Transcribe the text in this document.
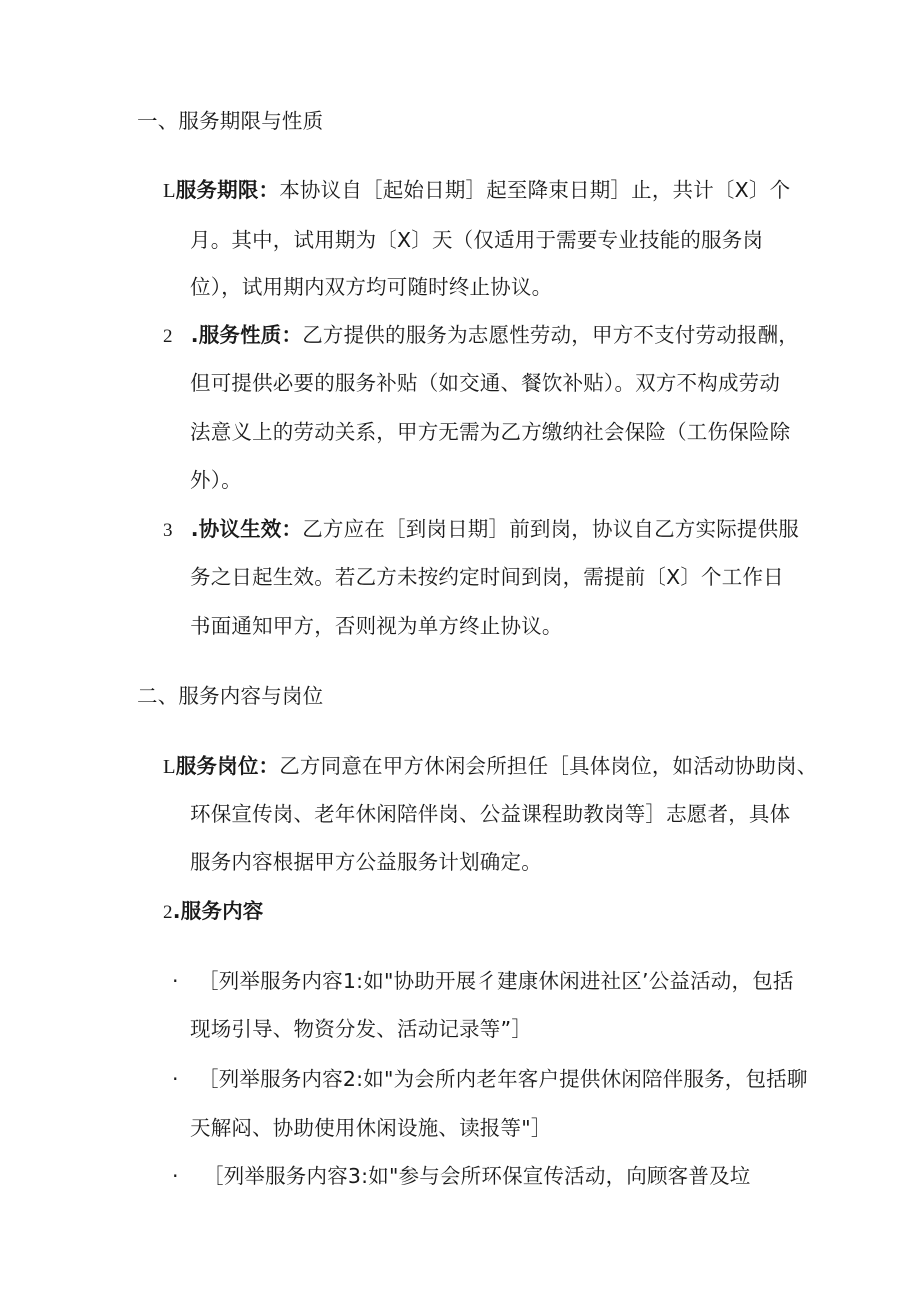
一、服务期限与性质
L服务期限：本协议自［起始日期］起至降束日期］止，共计〔X〕个
月。其中，试用期为〔X〕天（仅适用于需要专业技能的服务岗
位），试用期内双方均可随时终止协议。
2 .服务性质：乙方提供的服务为志愿性劳动，甲方不支付劳动报酬，
但可提供必要的服务补贴（如交通、餐饮补贴）。双方不构成劳动
法意义上的劳动关系，甲方无需为乙方缴纳社会保险（工伤保险除
外）。
3 .协议生效：乙方应在［到岗日期］前到岗，协议自乙方实际提供服
务之日起生效。若乙方未按约定时间到岗，需提前〔X〕个工作日
书面通知甲方，否则视为单方终止协议。
二、服务内容与岗位
L服务岗位：乙方同意在甲方休闲会所担任［具体岗位，如活动协助岗、
环保宣传岗、老年休闲陪伴岗、公益课程助教岗等］志愿者，具体
服务内容根据甲方公益服务计划确定。
2.服务内容
· ［列举服务内容1:如"协助开展彳建康休闲进社区’公益活动，包括
现场引导、物资分发、活动记录等”］
· ［列举服务内容2:如"为会所内老年客户提供休闲陪伴服务，包括聊
天解闷、协助使用休闲设施、读报等"］
· ［列举服务内容3:如"参与会所环保宣传活动，向顾客普及垃
